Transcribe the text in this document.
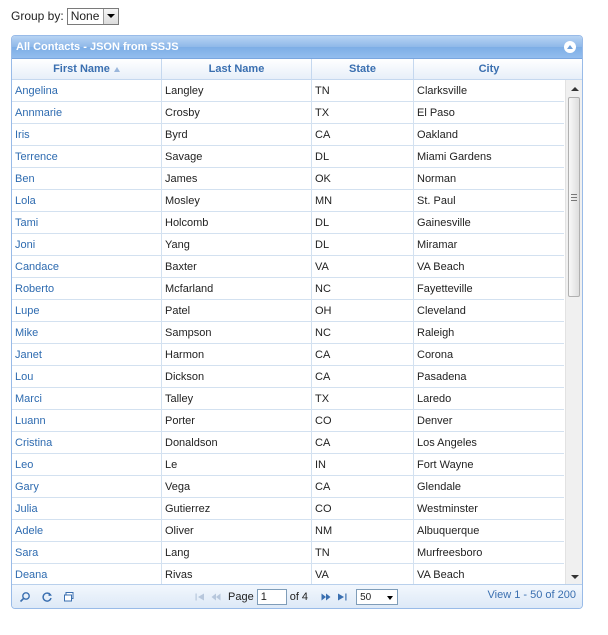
Group by: None
All Contacts - JSON from SSJS
First Name	Last Name	State	City
Angelina	Langley	TN	Clarksville
Annmarie	Crosby	TX	El Paso
Iris	Byrd	CA	Oakland
Terrence	Savage	DL	Miami Gardens
Ben	James	OK	Norman
Lola	Mosley	MN	St. Paul
Tami	Holcomb	DL	Gainesville
Joni	Yang	DL	Miramar
Candace	Baxter	VA	VA Beach
Roberto	Mcfarland	NC	Fayetteville
Lupe	Patel	OH	Cleveland
Mike	Sampson	NC	Raleigh
Janet	Harmon	CA	Corona
Lou	Dickson	CA	Pasadena
Marci	Talley	TX	Laredo
Luann	Porter	CO	Denver
Cristina	Donaldson	CA	Los Angeles
Leo	Le	IN	Fort Wayne
Gary	Vega	CA	Glendale
Julia	Gutierrez	CO	Westminster
Adele	Oliver	NM	Albuquerque
Sara	Lang	TN	Murfreesboro
Deana	Rivas	VA	VA Beach
Page 1 of 4	50	View 1 - 50 of 200
